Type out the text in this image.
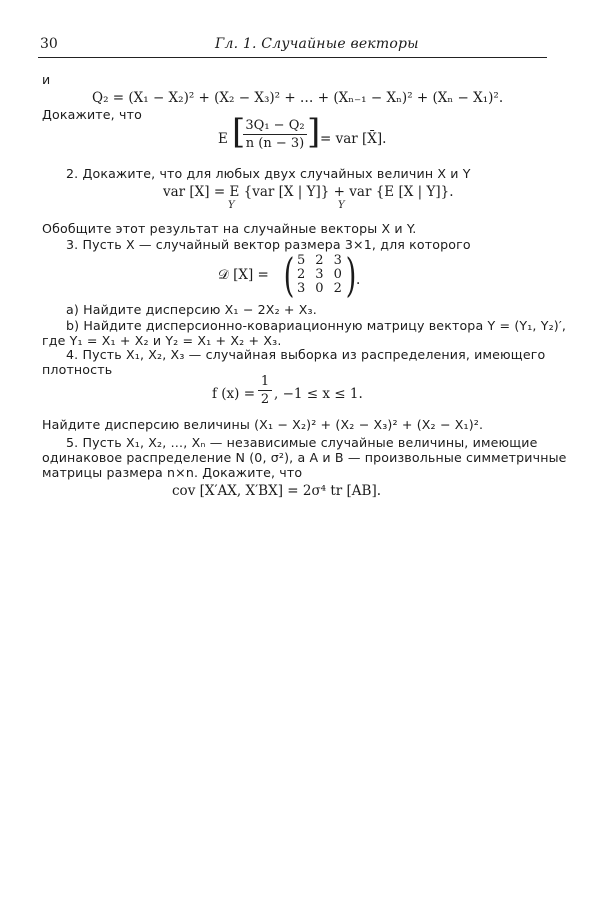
30	Гл. 1. Случайные векторы
и
Q₂ = (X₁ − X₂)² + (X₂ − X₃)² + … + (Xₙ₋₁ − Xₙ)² + (Xₙ − X₁)².
Докажите, что
E [ 3Q₁ − Q₂
n (n − 3) ] = var [X̄].
2. Докажите, что для любых двух случайных величин X и Y
var [X] = E {var [X | Y]} + var {E [X | Y]}.
Y	Y
Обобщите этот результат на случайные векторы X и Y.
3. Пусть X — случайный вектор размера 3×1, для которого
𝒟 [X] = ( 5	2	3
2	3	0
3	0	2 ) .
а) Найдите дисперсию X₁ − 2X₂ + X₃.
b) Найдите дисперсионно-ковариационную матрицу вектора Y = (Y₁, Y₂)′,
где Y₁ = X₁ + X₂ и Y₂ = X₁ + X₂ + X₃.
4. Пусть X₁, X₂, X₃ — случайная выборка из распределения, имеющего
плотность
f (x) =
1
2 , −1 ≤ x ≤ 1.
Найдите дисперсию величины (X₁ − X₂)² + (X₂ − X₃)² + (X₂ − X₁)².
5. Пусть X₁, X₂, …, Xₙ — независимые случайные величины, имеющие
одинаковое распределение N (0, σ²), а A и B — произвольные симметричные
матрицы размера n×n. Докажите, что
cov [X′AX, X′BX] = 2σ⁴ tr [AB].
